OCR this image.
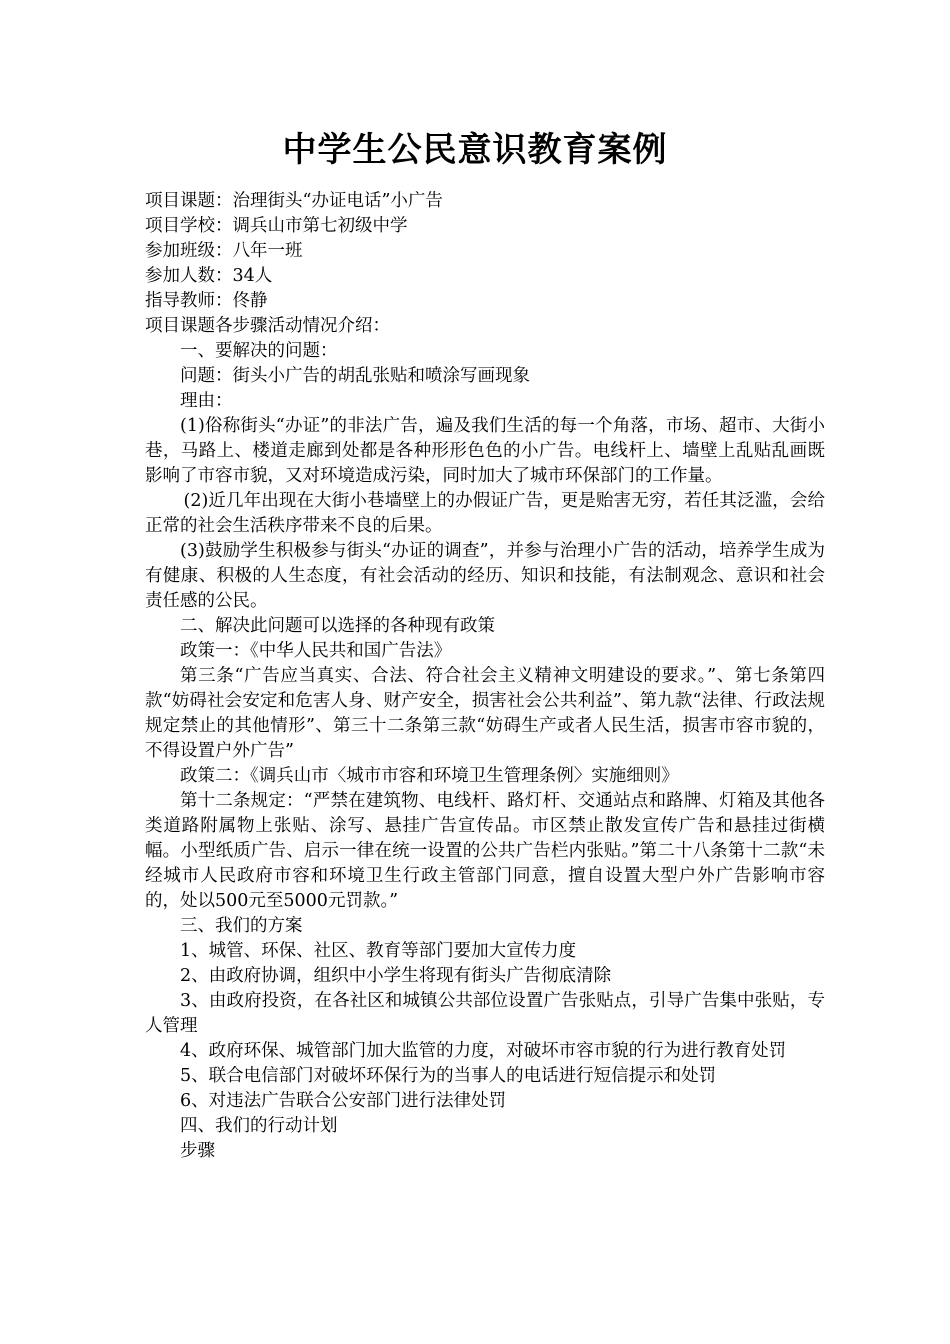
中学生公民意识教育案例

项目课题：治理街头“办证电话”小广告

项目学校：调兵山市第七初级中学

参加班级：八年一班

参加人数：34人

指导教师：佟静

项目课题各步骤活动情况介绍：

一、要解决的问题：

问题：街头小广告的胡乱张贴和喷涂写画现象

理由：

(1)俗称街头“办证”的非法广告，遍及我们生活的每一个角落，市场、超市、大街小巷，马路上、楼道走廊到处都是各种形形色色的小广告。电线杆上、墙壁上乱贴乱画既影响了市容市貌，又对环境造成污染，同时加大了城市环保部门的工作量。

(2)近几年出现在大街小巷墙壁上的办假证广告，更是贻害无穷，若任其泛滥，会给正常的社会生活秩序带来不良的后果。

(3)鼓励学生积极参与街头“办证的调查”，并参与治理小广告的活动，培养学生成为有健康、积极的人生态度，有社会活动的经历、知识和技能，有法制观念、意识和社会责任感的公民。

二、解决此问题可以选择的各种现有政策

政策一：《中华人民共和国广告法》

第三条“广告应当真实、合法、符合社会主义精神文明建设的要求。”、第七条第四款“妨碍社会安定和危害人身、财产安全，损害社会公共利益”、第九款“法律、行政法规规定禁止的其他情形”、第三十二条第三款“妨碍生产或者人民生活，损害市容市貌的，不得设置户外广告”

政策二：《调兵山市〈城市市容和环境卫生管理条例〉实施细则》

第十二条规定：“严禁在建筑物、电线杆、路灯杆、交通站点和路牌、灯箱及其他各类道路附属物上张贴、涂写、悬挂广告宣传品。市区禁止散发宣传广告和悬挂过街横幅。小型纸质广告、启示一律在统一设置的公共广告栏内张贴。”第二十八条第十二款“未经城市人民政府市容和环境卫生行政主管部门同意，擅自设置大型户外广告影响市容的，处以500元至5000元罚款。”

三、我们的方案

1、城管、环保、社区、教育等部门要加大宣传力度

2、由政府协调，组织中小学生将现有街头广告彻底清除

3、由政府投资，在各社区和城镇公共部位设置广告张贴点，引导广告集中张贴，专人管理

4、政府环保、城管部门加大监管的力度，对破坏市容市貌的行为进行教育处罚

5、联合电信部门对破坏环保行为的当事人的电话进行短信提示和处罚

6、对违法广告联合公安部门进行法律处罚

四、我们的行动计划

步骤
